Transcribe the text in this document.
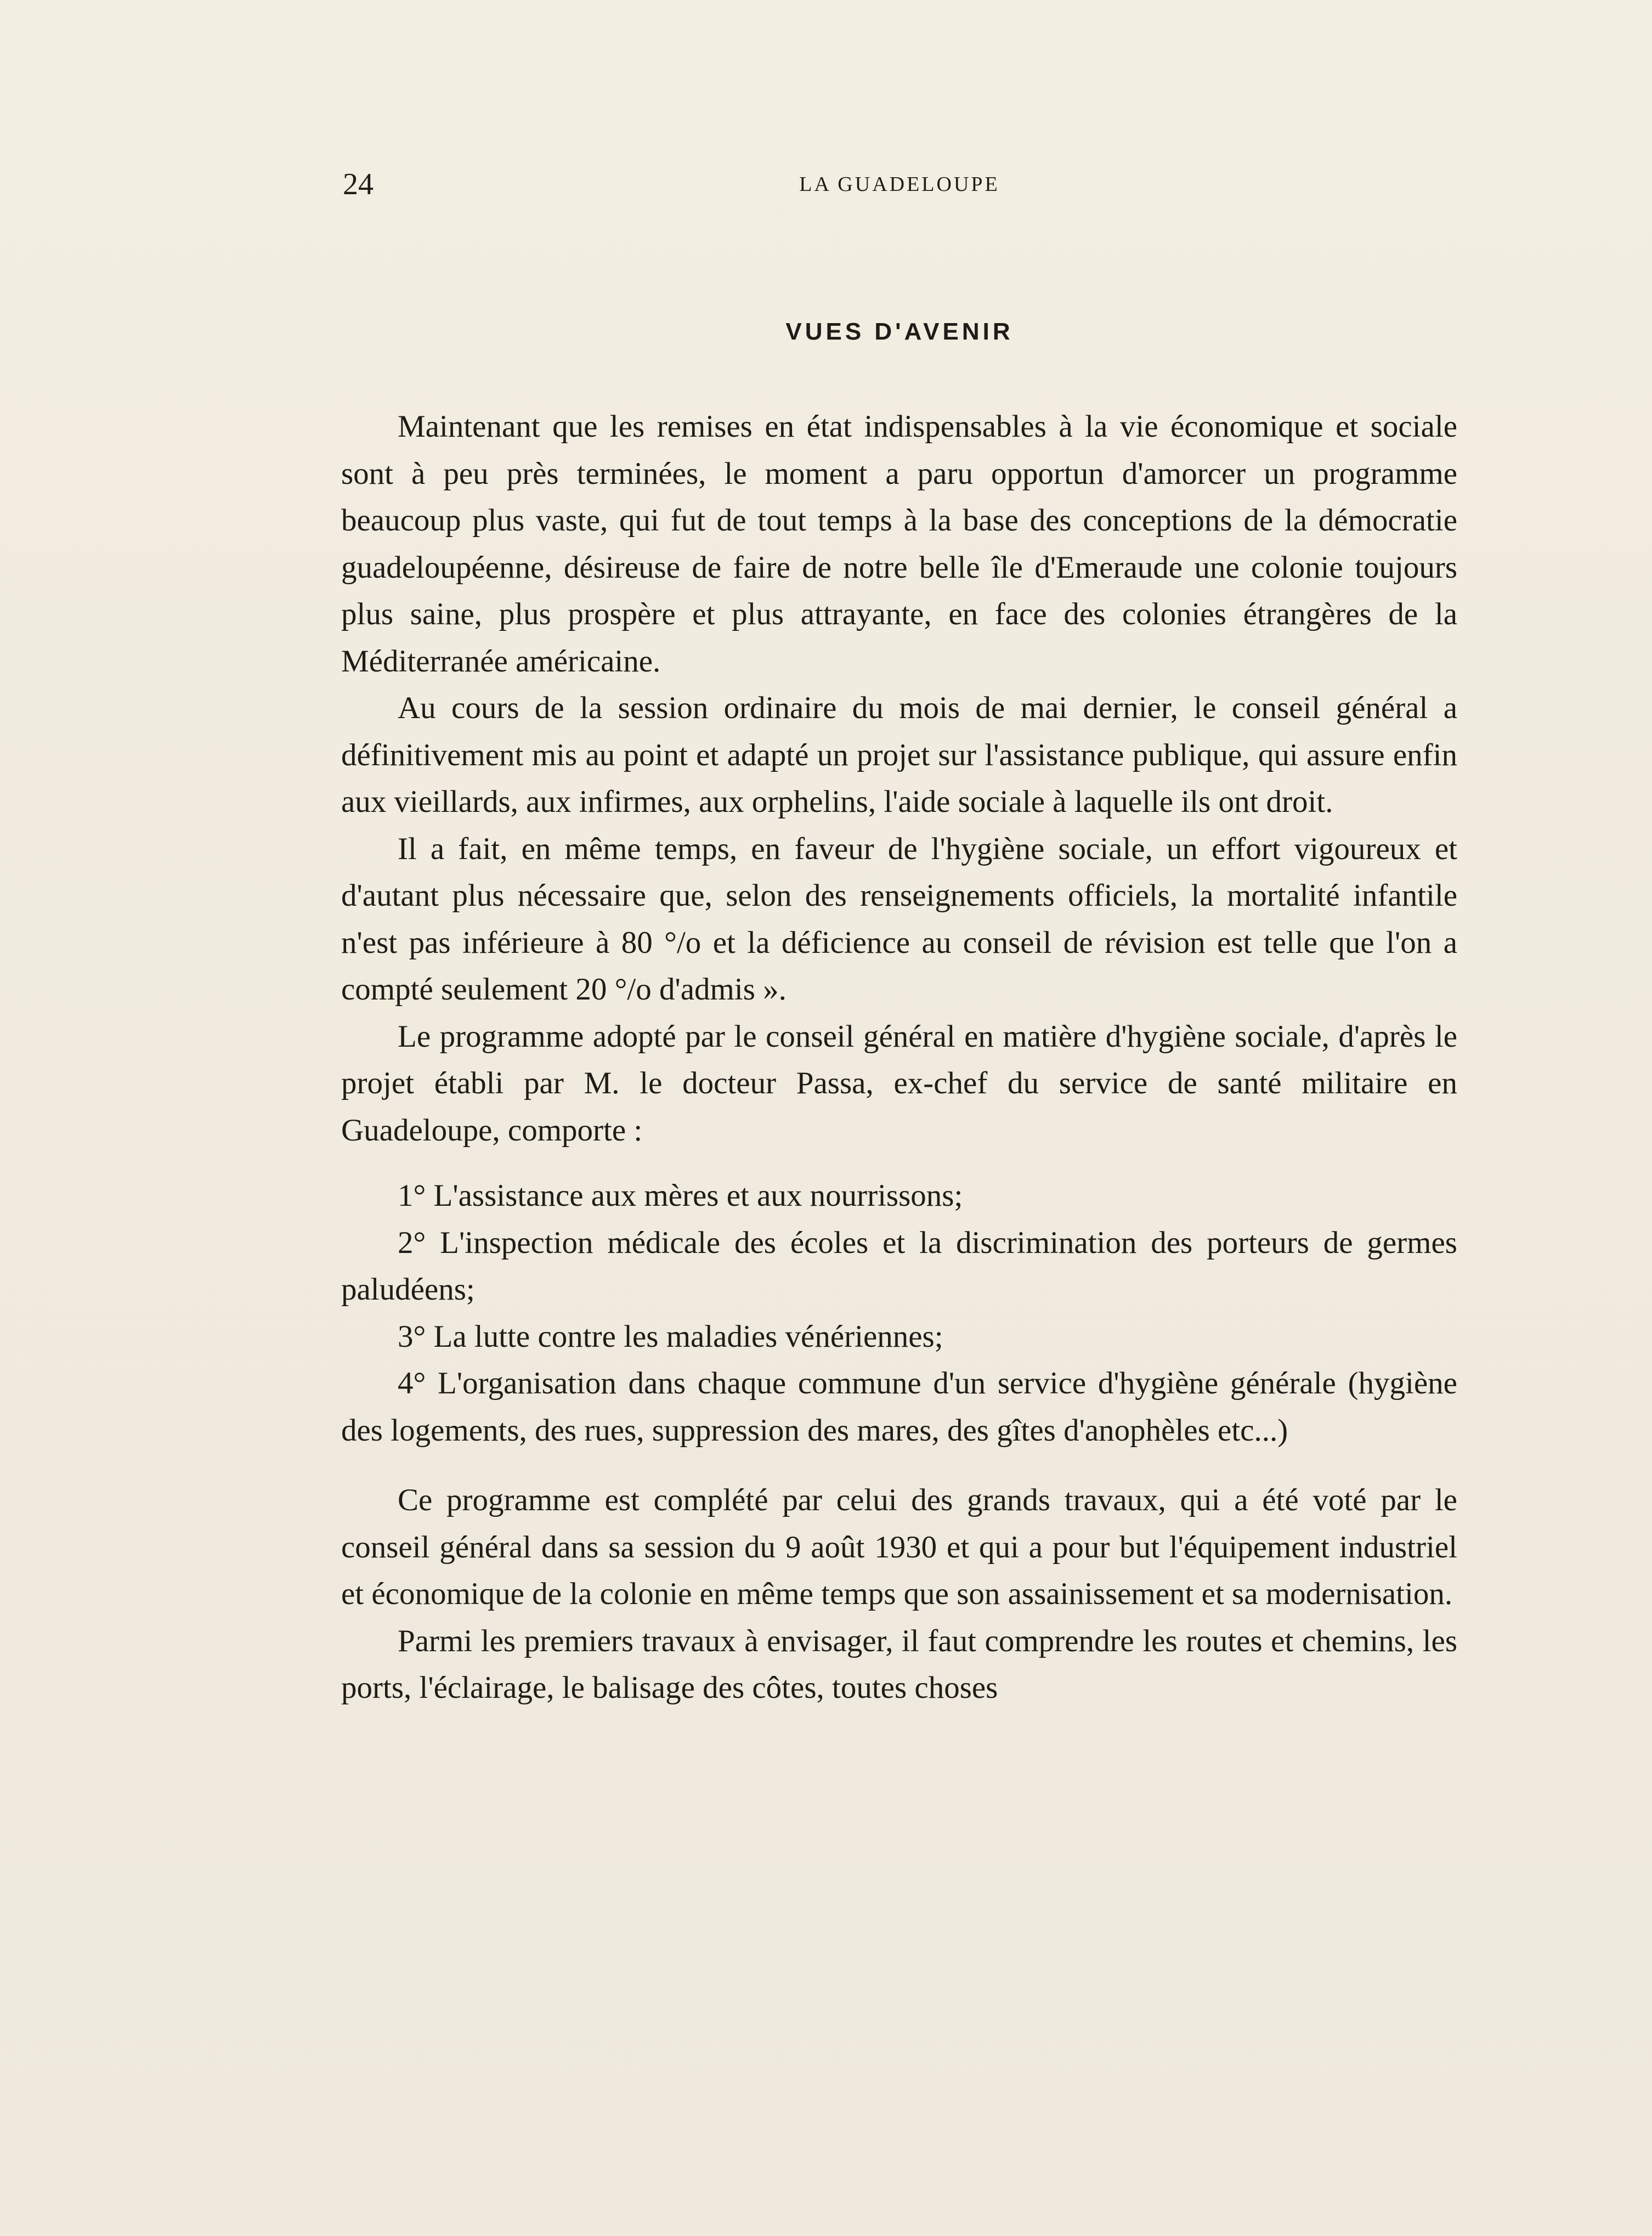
24	LA GUADELOUPE
VUES D'AVENIR

Maintenant que les remises en état indispensables à la vie économique et sociale sont à peu près terminées, le moment a paru opportun d'amorcer un programme beaucoup plus vaste, qui fut de tout temps à la base des conceptions de la démocratie guadeloupéenne, désireuse de faire de notre belle île d'Emeraude une colonie toujours plus saine, plus prospère et plus attrayante, en face des colonies étrangères de la Méditerranée américaine.

Au cours de la session ordinaire du mois de mai dernier, le conseil général a définitivement mis au point et adapté un projet sur l'assistance publique, qui assure enfin aux vieillards, aux infirmes, aux orphelins, l'aide sociale à laquelle ils ont droit.

Il a fait, en même temps, en faveur de l'hygiène sociale, un effort vigoureux et d'autant plus nécessaire que, selon des renseignements officiels, la mortalité infantile n'est pas inférieure à 80 °/o et la déficience au conseil de révision est telle que l'on a compté seulement 20 °/o d'admis ».

Le programme adopté par le conseil général en matière d'hygiène sociale, d'après le projet établi par M. le docteur Passa, ex-chef du service de santé militaire en Guadeloupe, comporte :

1° L'assistance aux mères et aux nourrissons;

2° L'inspection médicale des écoles et la discrimination des porteurs de germes paludéens;

3° La lutte contre les maladies vénériennes;

4° L'organisation dans chaque commune d'un service d'hygiène générale (hygiène des logements, des rues, suppression des mares, des gîtes d'anophèles etc...)

Ce programme est complété par celui des grands travaux, qui a été voté par le conseil général dans sa session du 9 août 1930 et qui a pour but l'équipement industriel et économique de la colonie en même temps que son assainissement et sa modernisation.

Parmi les premiers travaux à envisager, il faut comprendre les routes et chemins, les ports, l'éclairage, le balisage des côtes, toutes choses
